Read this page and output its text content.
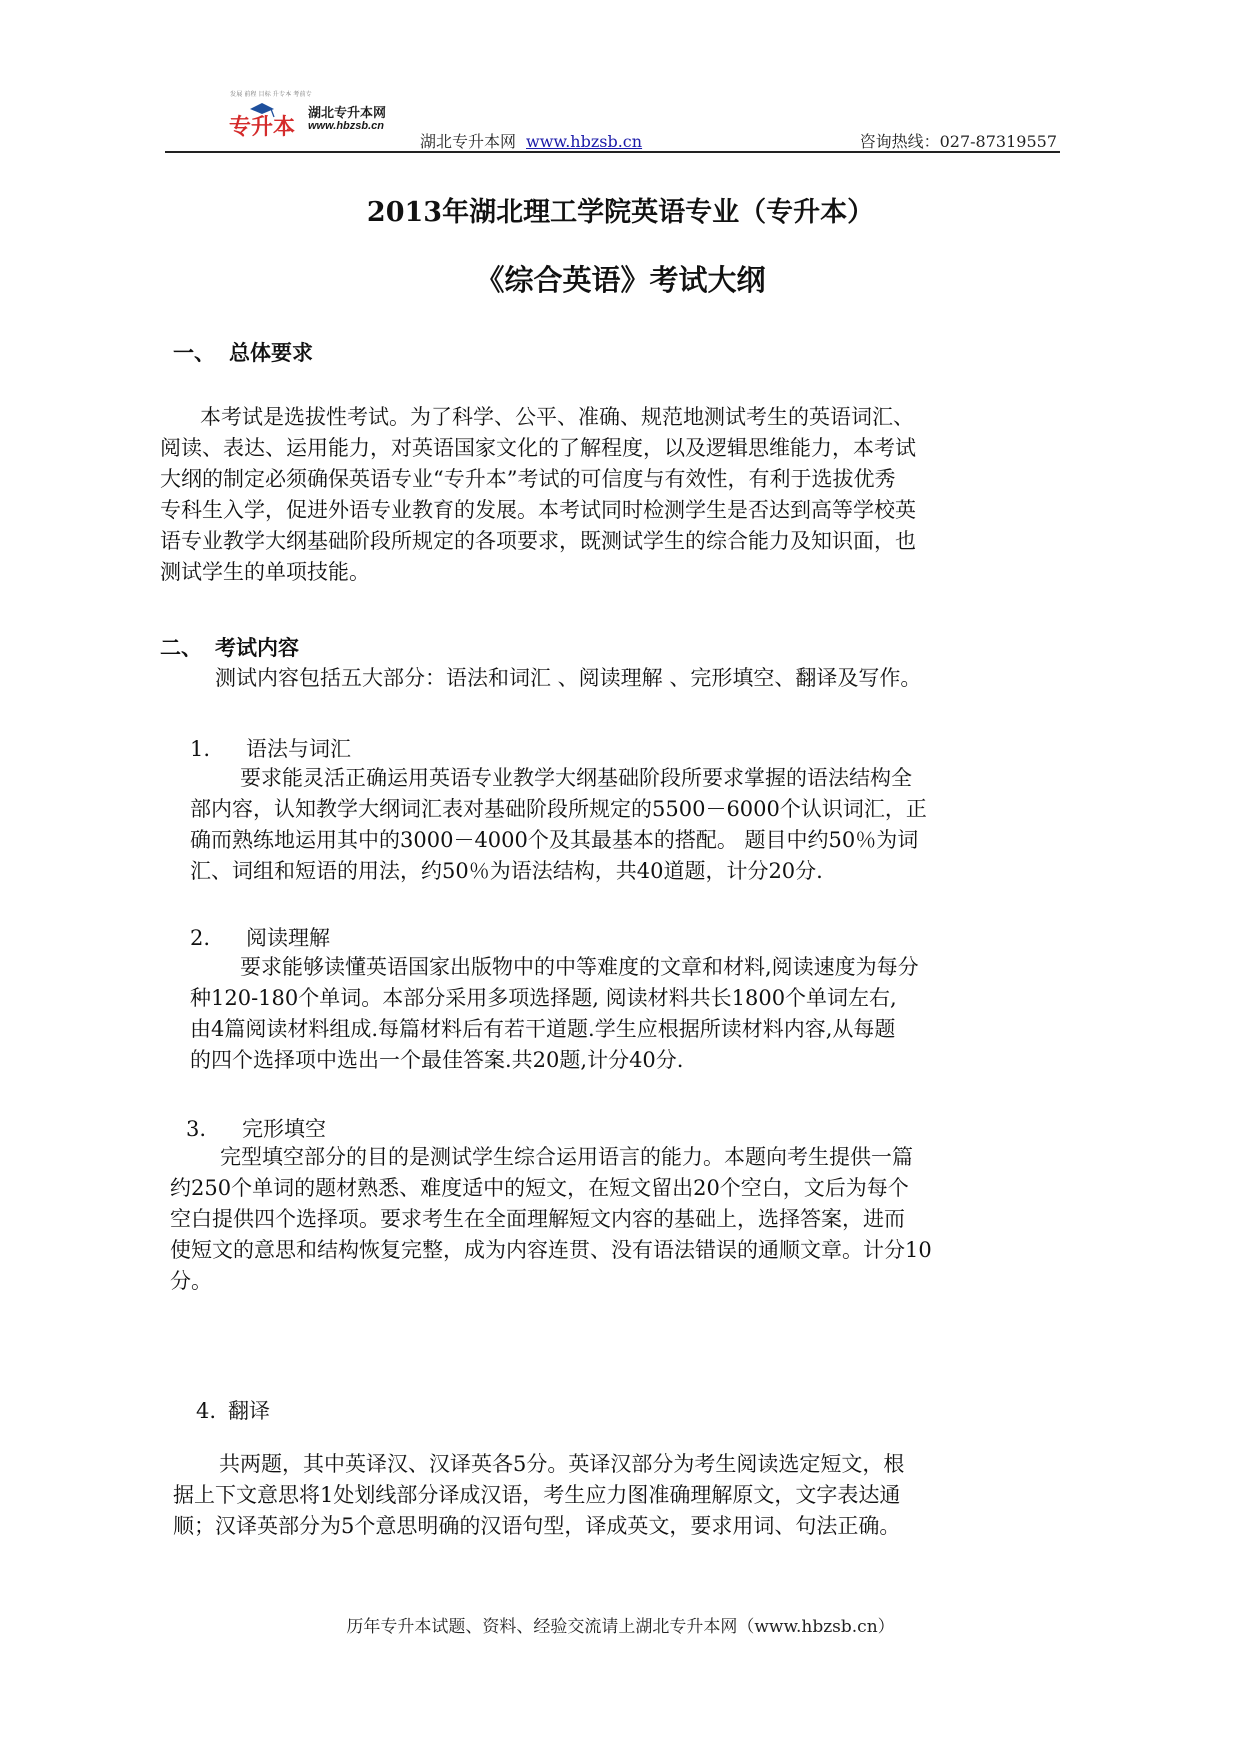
发展 前程 目标 升专本 考前专
专升本
湖北专升本网
www.hbzsb.cn
湖北专升本网 www.hbzsb.cn	咨询热线：027-87319557
2013年湖北理工学院英语专业（专升本）
《综合英语》考试大纲
一、 总体要求
本考试是选拔性考试。为了科学、公平、准确、规范地测试考生的英语词汇、
阅读、表达、运用能力，对英语国家文化的了解程度，以及逻辑思维能力，本考试
大纲的制定必须确保英语专业“专升本”考试的可信度与有效性，有利于选拔优秀
专科生入学，促进外语专业教育的发展。本考试同时检测学生是否达到高等学校英
语专业教学大纲基础阶段所规定的各项要求，既测试学生的综合能力及知识面，也
测试学生的单项技能。
二、 考试内容
测试内容包括五大部分：语法和词汇 、阅读理解 、完形填空、翻译及写作。
1. 语法与词汇
要求能灵活正确运用英语专业教学大纲基础阶段所要求掌握的语法结构全
部内容，认知教学大纲词汇表对基础阶段所规定的5500－6000个认识词汇，正
确而熟练地运用其中的3000－4000个及其最基本的搭配。 题目中约50％为词
汇、词组和短语的用法，约50％为语法结构，共40道题，计分20分.
2. 阅读理解
要求能够读懂英语国家出版物中的中等难度的文章和材料,阅读速度为每分
种120-180个单词。本部分采用多项选择题, 阅读材料共长1800个单词左右,
由4篇阅读材料组成.每篇材料后有若干道题.学生应根据所读材料内容,从每题
的四个选择项中选出一个最佳答案.共20题,计分40分.
3. 完形填空
完型填空部分的目的是测试学生综合运用语言的能力。本题向考生提供一篇
约250个单词的题材熟悉、难度适中的短文，在短文留出20个空白，文后为每个
空白提供四个选择项。要求考生在全面理解短文内容的基础上，选择答案，进而
使短文的意思和结构恢复完整，成为内容连贯、没有语法错误的通顺文章。计分10
分。
4. 翻译
共两题，其中英译汉、汉译英各5分。英译汉部分为考生阅读选定短文，根
据上下文意思将1处划线部分译成汉语，考生应力图准确理解原文，文字表达通
顺；汉译英部分为5个意思明确的汉语句型，译成英文，要求用词、句法正确。
历年专升本试题、资料、经验交流请上湖北专升本网（www.hbzsb.cn）
